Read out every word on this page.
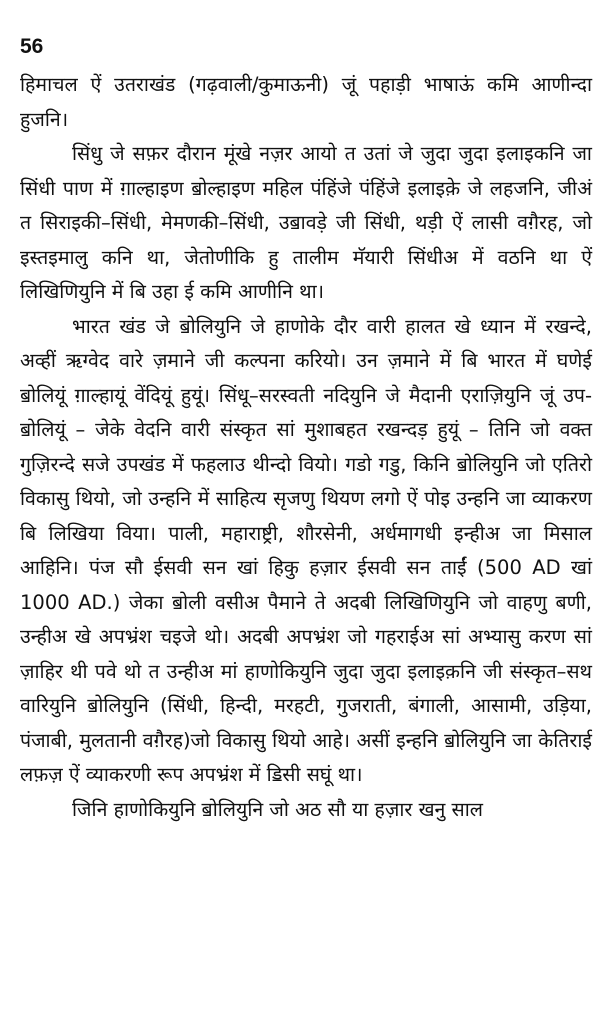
56

हिमाचल ऐं उतराखंड (गढ़वाली/कुमाऊनी) जूं पहाड़ी भाषाऊं कमि आणीन्दा हुजनि।

सिंधु जे सफ़र दौरान मूंखे नज़र आयो त उतां जे जुदा जुदा इलाइकनि जा सिंधी पाण में ग़ाल्हाइण ॿोल्हाइण महिल पंहिंजे पंहिंजे इलाइक़े जे लहजनि, जीअं त सिराइकी–सिंधी, मेमणकी–सिंधी, उॿावड़े जी सिंधी, थड़ी ऐं लासी वग़ैरह, जो इस्तइमालु कनि था, जेतोणीकि हु तालीम मॅयारी सिंधीअ में वठनि था ऐं लिखिणियुनि में बि उहा ई कमि आणीनि था।

भारत खंड जे ॿोलियुनि जे हाणोके दौर वारी हालत खे ध्यान में रखन्दे, अव्हीं ऋग्वेद वारे ज़माने जी कल्पना करियो। उन ज़माने में बि भारत में घणेई ॿोलियूं ग़ाल्हायूं वेंदियूं हुयूं। सिंधू–सरस्वती नदियुनि जे मैदानी एराज़ियुनि जूं उप-ॿोलियूं – जेके वेदनि वारी संस्कृत सां मुशाबहत रखन्दड़ हुयूं – तिनि जो वक्त गुज़िरन्दे सजे उपखंड में फहलाउ थीन्दो वियो। गडो गडु, किनि ॿोलियुनि जो एतिरो विकासु थियो, जो उन्हनि में साहित्य सृजणु थियण लगो ऐं पोइ उन्हनि जा व्याकरण बि लिखिया विया। पाली, महाराष्ट्री, शौरसेनी, अर्धमागधी इन्हीअ जा मिसाल आहिनि। पंज सौ ईसवी सन खां हिकु हज़ार ईसवी सन ताईं (500 AD खां 1000 AD.) जेका ॿोली वसीअ पैमाने ते अदबी लिखिणियुनि जो वाहणु बणी, उन्हीअ खे अपभ्रंश चइजे थो। अदबी अपभ्रंश जो गहराईअ सां अभ्यासु करण सां ज़ाहिर थी पवे थो त उन्हीअ मां हाणोकियुनि जुदा जुदा इलाइक़नि जी संस्कृत–सथ वारियुनि ॿोलियुनि (सिंधी, हिन्दी, मरहटी, गुजराती, बंगाली, आसामी, उड़िया, पंजाबी, मुलतानी वग़ैरह)जो विकासु थियो आहे। असीं इन्हनि ॿोलियुनि जा केतिराई लफ़ज़ ऐं व्याकरणी रूप अपभ्रंश में ॾिसी सघूं था।

जिनि हाणोकियुनि ॿोलियुनि जो अठ सौ या हज़ार खनु साल
